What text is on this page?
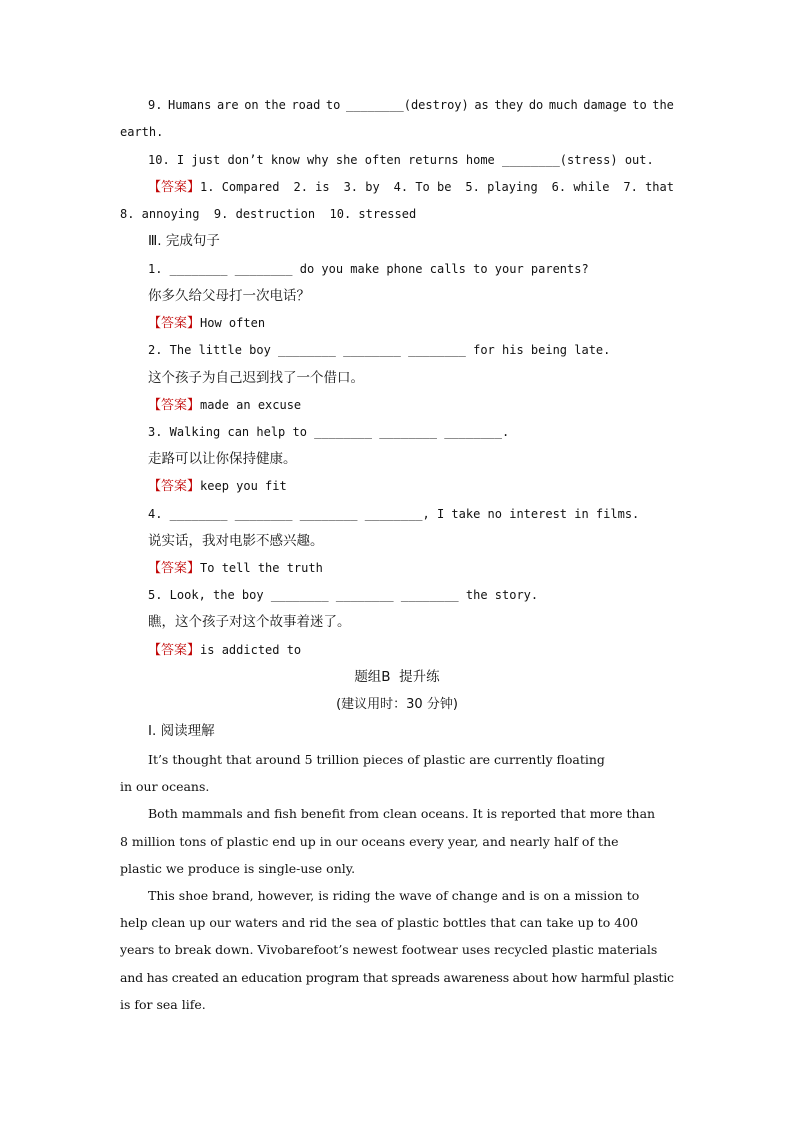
9. Humans are on the road to ________(destroy) as they do much damage to the
earth.
10. I just don’t know why she often returns home ________(stress) out.
【答案】1. Compared 2. is 3. by 4. To be 5. playing 6. while 7. that
8. annoying  9. destruction  10. stressed
Ⅲ. 完成句子
1. ________ ________ do you make phone calls to your parents?
你多久给父母打一次电话？
【答案】How often
2. The little boy ________ ________ ________ for his being late.
这个孩子为自己迟到找了一个借口。
【答案】made an excuse
3. Walking can help to ________ ________ ________.
走路可以让你保持健康。
【答案】keep you fit
4. ________ ________ ________ ________, I take no interest in films.
说实话，我对电影不感兴趣。
【答案】To tell the truth
5. Look, the boy ________ ________ ________ the story.
瞧，这个孩子对这个故事着迷了。
【答案】is addicted to
题组B  提升练
(建议用时：30 分钟)
Ⅰ. 阅读理解
It’s thought that around 5 trillion pieces of plastic are currently floating
in our oceans.
Both mammals and fish benefit from clean oceans. It is reported that more than
8 million tons of plastic end up in our oceans every year, and nearly half of the
plastic we produce is single-use only.
This shoe brand, however, is riding the wave of change and is on a mission to
help clean up our waters and rid the sea of plastic bottles that can take up to 400
years to break down. Vivobarefoot’s newest footwear uses recycled plastic materials
and has created an education program that spreads awareness about how harmful plastic
is for sea life.
